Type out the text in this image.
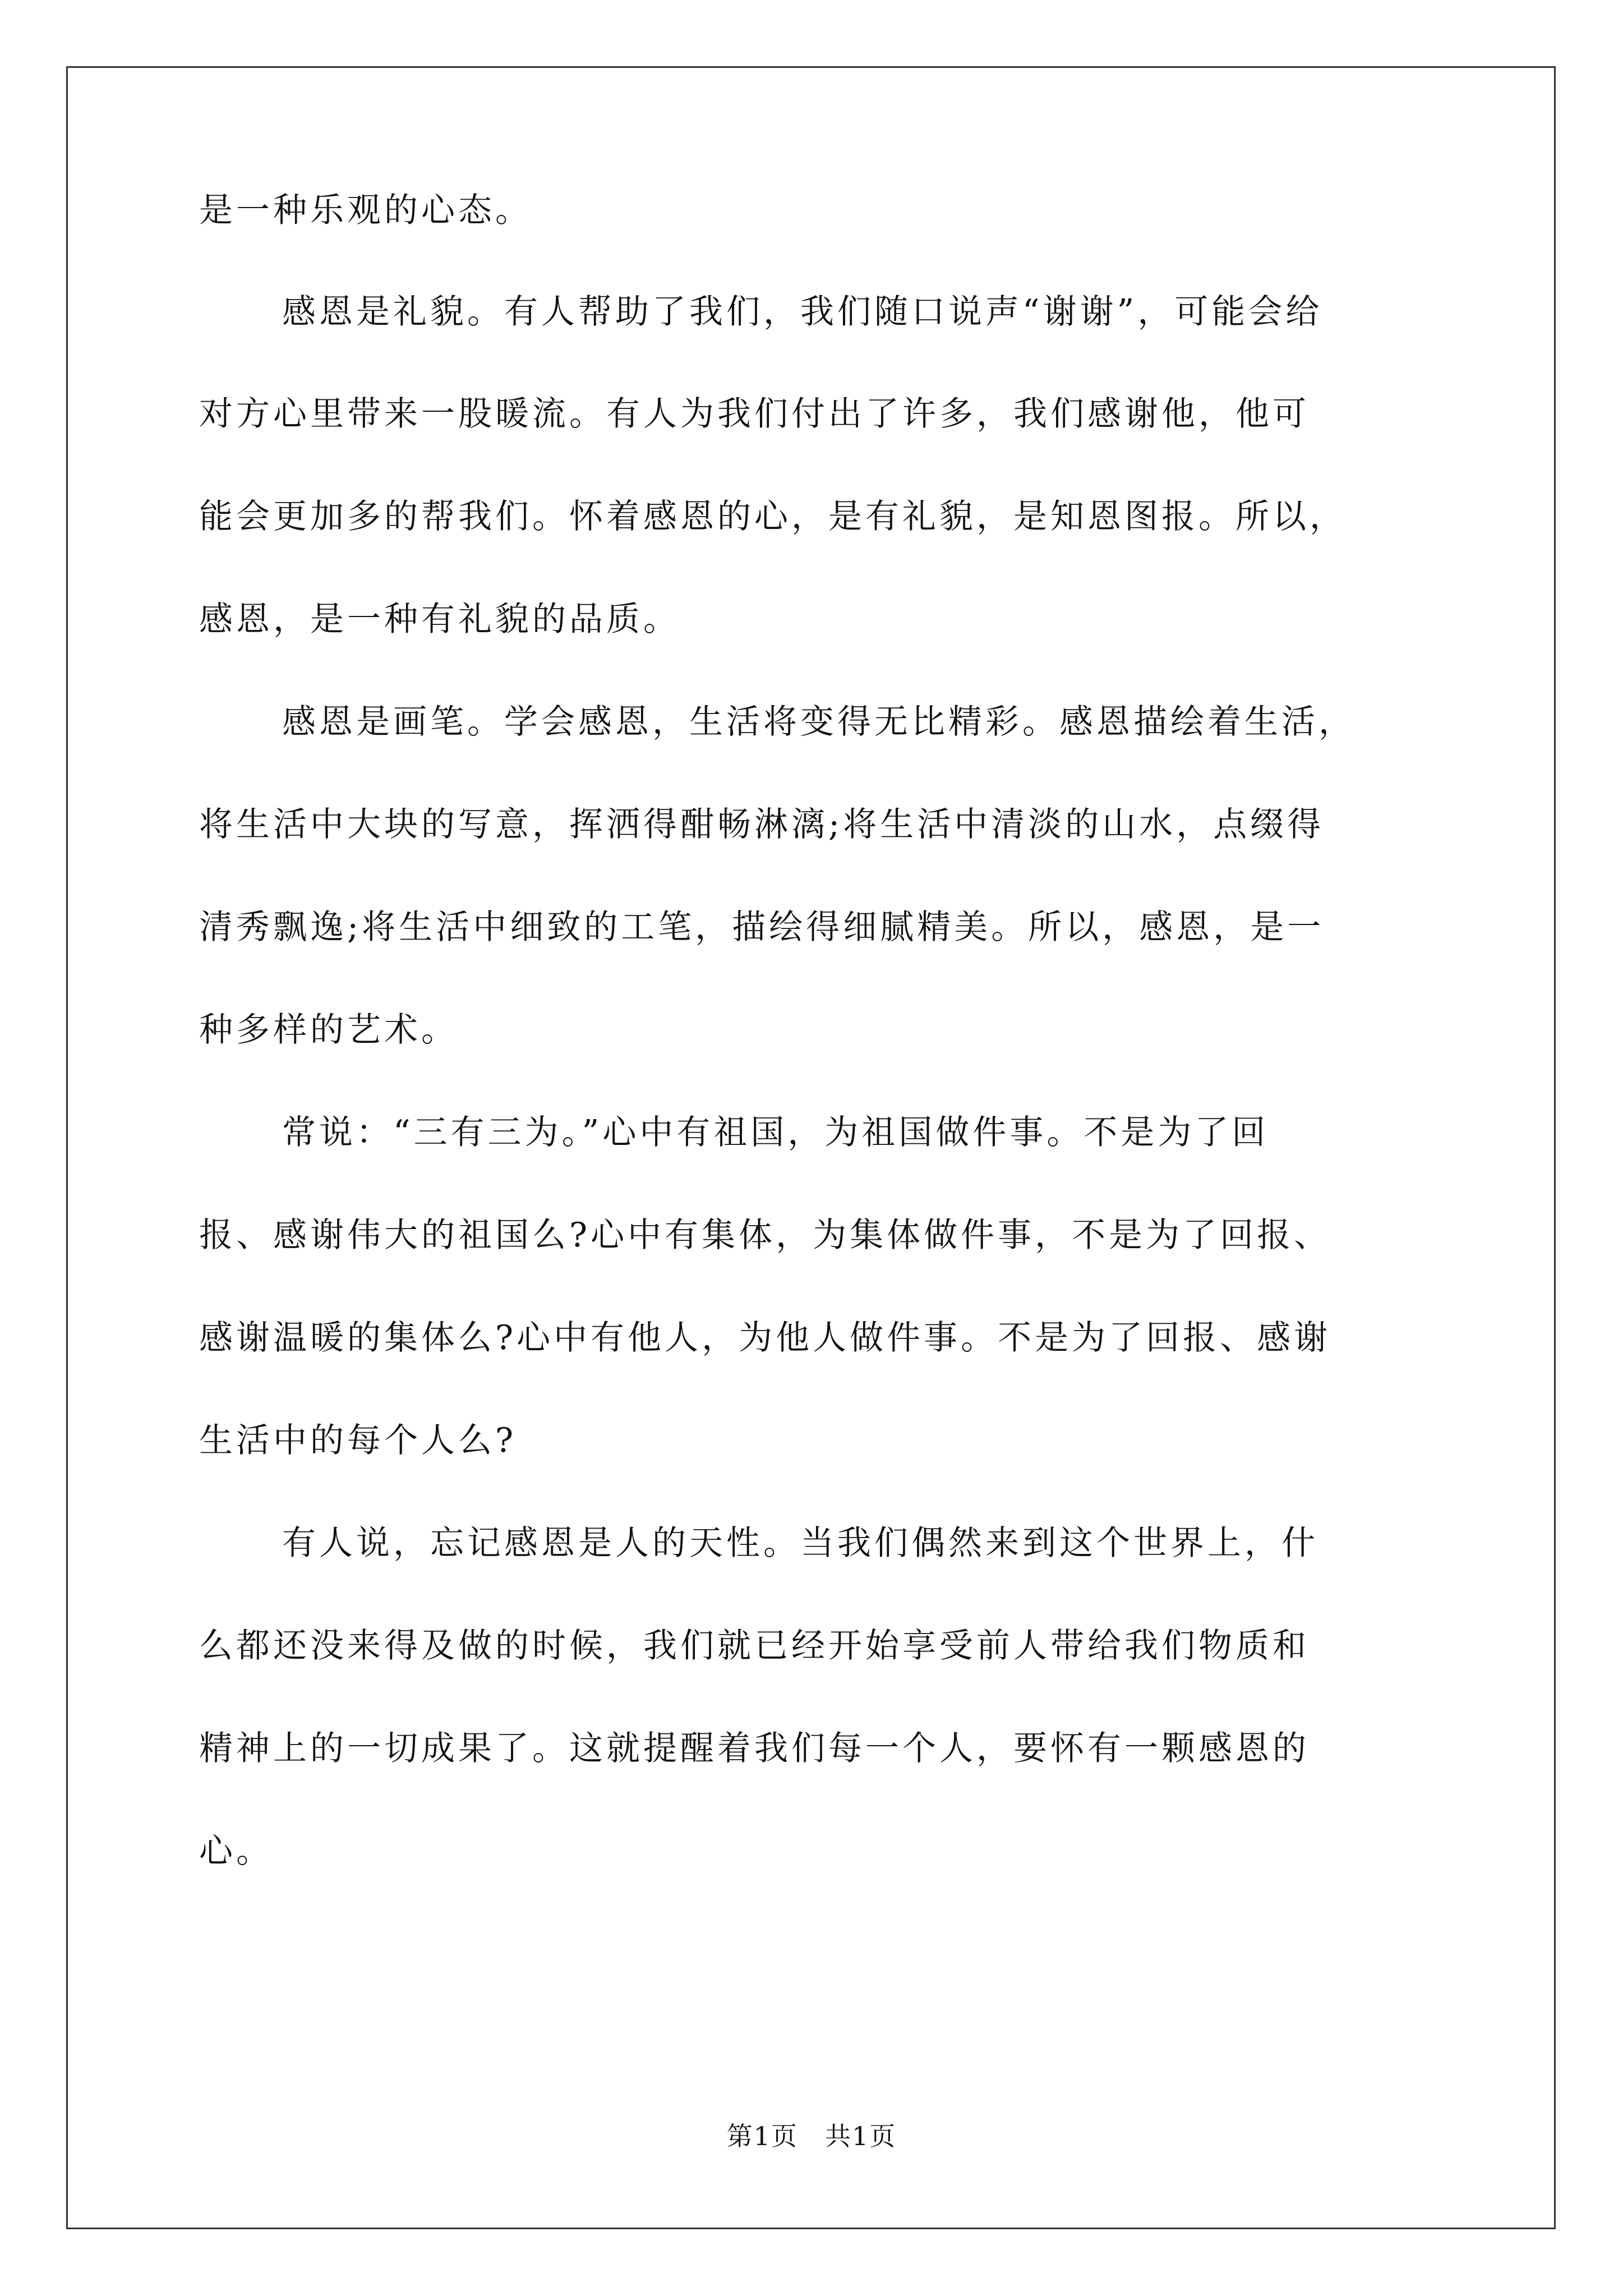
是一种乐观的心态。
感恩是礼貌。有人帮助了我们，我们随口说声“谢谢”，可能会给
对方心里带来一股暖流。有人为我们付出了许多，我们感谢他，他可
能会更加多的帮我们。怀着感恩的心，是有礼貌，是知恩图报。所以，
感恩，是一种有礼貌的品质。
感恩是画笔。学会感恩，生活将变得无比精彩。感恩描绘着生活，
将生活中大块的写意，挥洒得酣畅淋漓;将生活中清淡的山水，点缀得
清秀飘逸;将生活中细致的工笔，描绘得细腻精美。所以，感恩，是一
种多样的艺术。
常说：“三有三为。”心中有祖国，为祖国做件事。不是为了回
报、感谢伟大的祖国么?心中有集体，为集体做件事，不是为了回报、
感谢温暖的集体么?心中有他人，为他人做件事。不是为了回报、感谢
生活中的每个人么?
有人说，忘记感恩是人的天性。当我们偶然来到这个世界上，什
么都还没来得及做的时候，我们就已经开始享受前人带给我们物质和
精神上的一切成果了。这就提醒着我们每一个人，要怀有一颗感恩的
心。
第1页　共1页
